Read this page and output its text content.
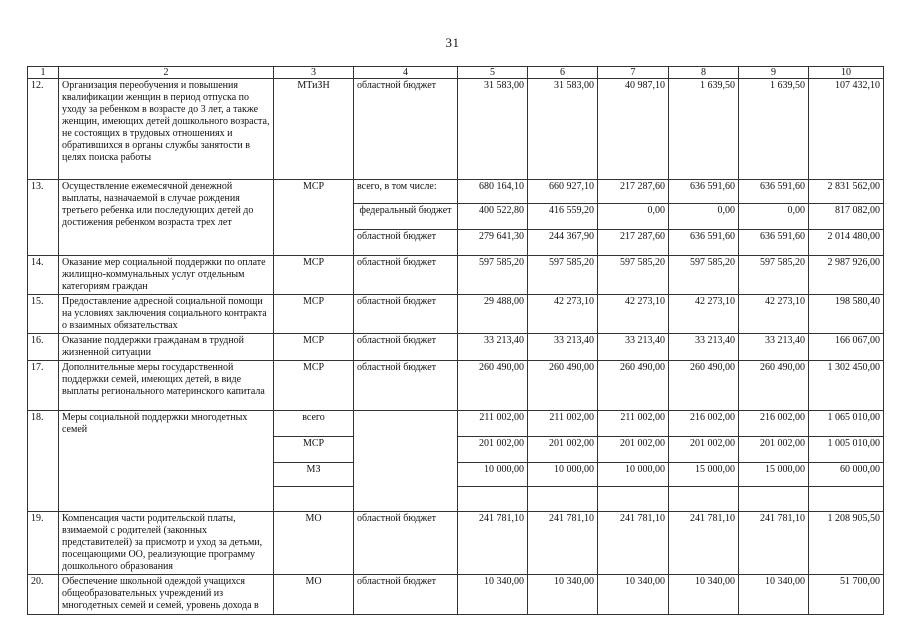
31
1	2	3	4	5	6	7	8	9	10
12.	Организация переобучения и повышения квалификации женщин в период отпуска по уходу за ребенком в возрасте до 3 лет, а также женщин, имеющих детей дошкольного возраста, не состоящих в трудовых отношениях и обратившихся в органы службы занятости в целях поиска работы	МТиЗН	областной бюджет	31 583,00	31 583,00	40 987,10	1 639,50	1 639,50	107 432,10
13.	Осуществление ежемесячной денежной выплаты, назначаемой в случае рождения третьего ребенка или последующих детей до достижения ребенком возраста трех лет	МСР	всего, в том числе:	680 164,10	660 927,10	217 287,60	636 591,60	636 591,60	2 831 562,00
			федеральный бюджет	400 522,80	416 559,20	0,00	0,00	0,00	817 082,00
			областной бюджет	279 641,30	244 367,90	217 287,60	636 591,60	636 591,60	2 014 480,00
14.	Оказание мер социальной поддержки по оплате жилищно-коммунальных услуг отдельным категориям граждан	МСР	областной бюджет	597 585,20	597 585,20	597 585,20	597 585,20	597 585,20	2 987 926,00
15.	Предоставление адресной социальной помощи на условиях заключения социального контракта о взаимных обязательствах	МСР	областной бюджет	29 488,00	42 273,10	42 273,10	42 273,10	42 273,10	198 580,40
16.	Оказание поддержки гражданам в трудной жизненной ситуации	МСР	областной бюджет	33 213,40	33 213,40	33 213,40	33 213,40	33 213,40	166 067,00
17.	Дополнительные меры государственной поддержки семей, имеющих детей, в виде выплаты регионального материнского капитала	МСР	областной бюджет	260 490,00	260 490,00	260 490,00	260 490,00	260 490,00	1 302 450,00
18.	Меры социальной поддержки многодетных семей	всего		211 002,00	211 002,00	211 002,00	216 002,00	216 002,00	1 065 010,00
		МСР		201 002,00	201 002,00	201 002,00	201 002,00	201 002,00	1 005 010,00
		МЗ		10 000,00	10 000,00	10 000,00	15 000,00	15 000,00	60 000,00

19.	Компенсация части родительской платы, взимаемой с родителей (законных представителей) за присмотр и уход за детьми, посещающими ОО, реализующие программу дошкольного образования	МО	областной бюджет	241 781,10	241 781,10	241 781,10	241 781,10	241 781,10	1 208 905,50
20.	Обеспечение школьной одеждой учащихся общеобразовательных учреждений из многодетных семей и семей, уровень дохода в	МО	областной бюджет	10 340,00	10 340,00	10 340,00	10 340,00	10 340,00	51 700,00
